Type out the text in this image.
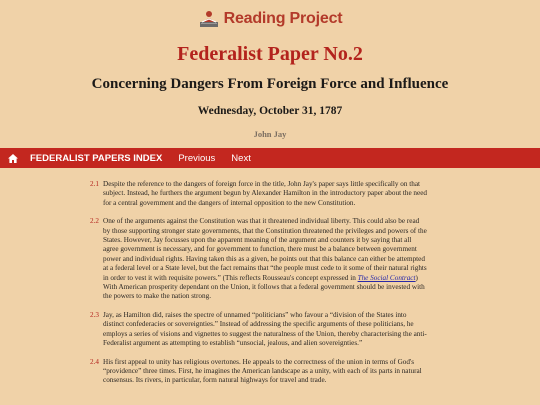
Reading Project
Federalist Paper No.2
Concerning Dangers From Foreign Force and Influence
Wednesday, October 31, 1787
John Jay
FEDERALIST PAPERS INDEX Previous Next
2.1 Despite the reference to the dangers of foreign force in the title, John Jay's paper says little specifically on that subject. Instead, he furthers the argument begun by Alexander Hamilton in the introductory paper about the need for a central government and the dangers of internal opposition to the new Constitution.
2.2 One of the arguments against the Constitution was that it threatened individual liberty. This could also be read by those supporting stronger state governments, that the Constitution threatened the privileges and powers of the States. However, Jay focusses upon the apparent meaning of the argument and counters it by saying that all agree government is necessary, and for government to function, there must be a balance between government power and individual rights. Having taken this as a given, he points out that this balance can either be attempted at a federal level or a State level, but the fact remains that “the people must cede to it some of their natural rights in order to vest it with requisite powers.” (This reflects Rousseau's concept expressed in The Social Contract) With American prosperity dependant on the Union, it follows that a federal government should be invested with the powers to make the nation strong.
2.3 Jay, as Hamilton did, raises the spectre of unnamed “politicians” who favour a “division of the States into distinct confederacies or sovereignties.” Instead of addressing the specific arguments of these politicians, he employs a series of visions and vignettes to suggest the naturalness of the Union, thereby characterising the anti-Federalist argument as attempting to establish “unsocial, jealous, and alien sovereignties.”
2.4 His first appeal to unity has religious overtones. He appeals to the correctness of the union in terms of God's “providence” three times. First, he imagines the American landscape as a unity, with each of its parts in natural consensus. Its rivers, in particular, form natural highways for travel and trade.
